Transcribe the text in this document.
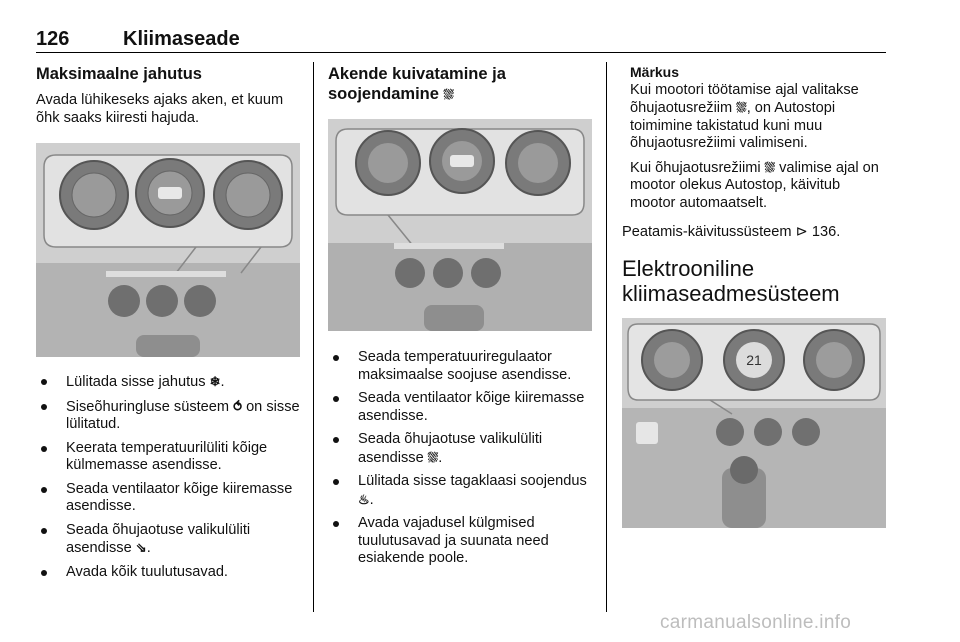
126	Kliimaseade
Maksimaalne jahutus

Avada lühikeseks ajaks aken, et kuum õhk saaks kiiresti hajuda.

Lülitada sisse jahutus ❄.
Siseõhuringluse süsteem ⥀ on sisse lülitatud.
Keerata temperatuurilüliti kõige külmemasse asendisse.
Seada ventilaator kõige kiiremasse asendisse.
Seada õhujaotuse valikulüliti asendisse ⇘.
Avada kõik tuulutusavad.
Akende kuivatamine ja
soojendamine ⛆
Seada temperatuuriregulaator maksimaalse soojuse asendisse.
Seada ventilaator kõige kiiremasse asendisse.
Seada õhujaotuse valikulüliti asendisse ⛆.
Lülitada sisse tagaklaasi soojendus ♨.
Avada vajadusel külgmised tuulutusavad ja suunata need esiakende poole.
Märkus

Kui mootori töötamise ajal valitakse õhujaotusrežiim ⛆, on Autostopi toimimine takistatud kuni muu õhujaotusrežiimi valimiseni.

Kui õhujaotusrežiimi ⛆ valimise ajal on mootor olekus Autostop, käivitub mootor automaatselt.

Peatamis-käivitussüsteem ⊳ 136.

Elektrooniline
kliimaseadmesüsteem
21
carmanualsonline.info
